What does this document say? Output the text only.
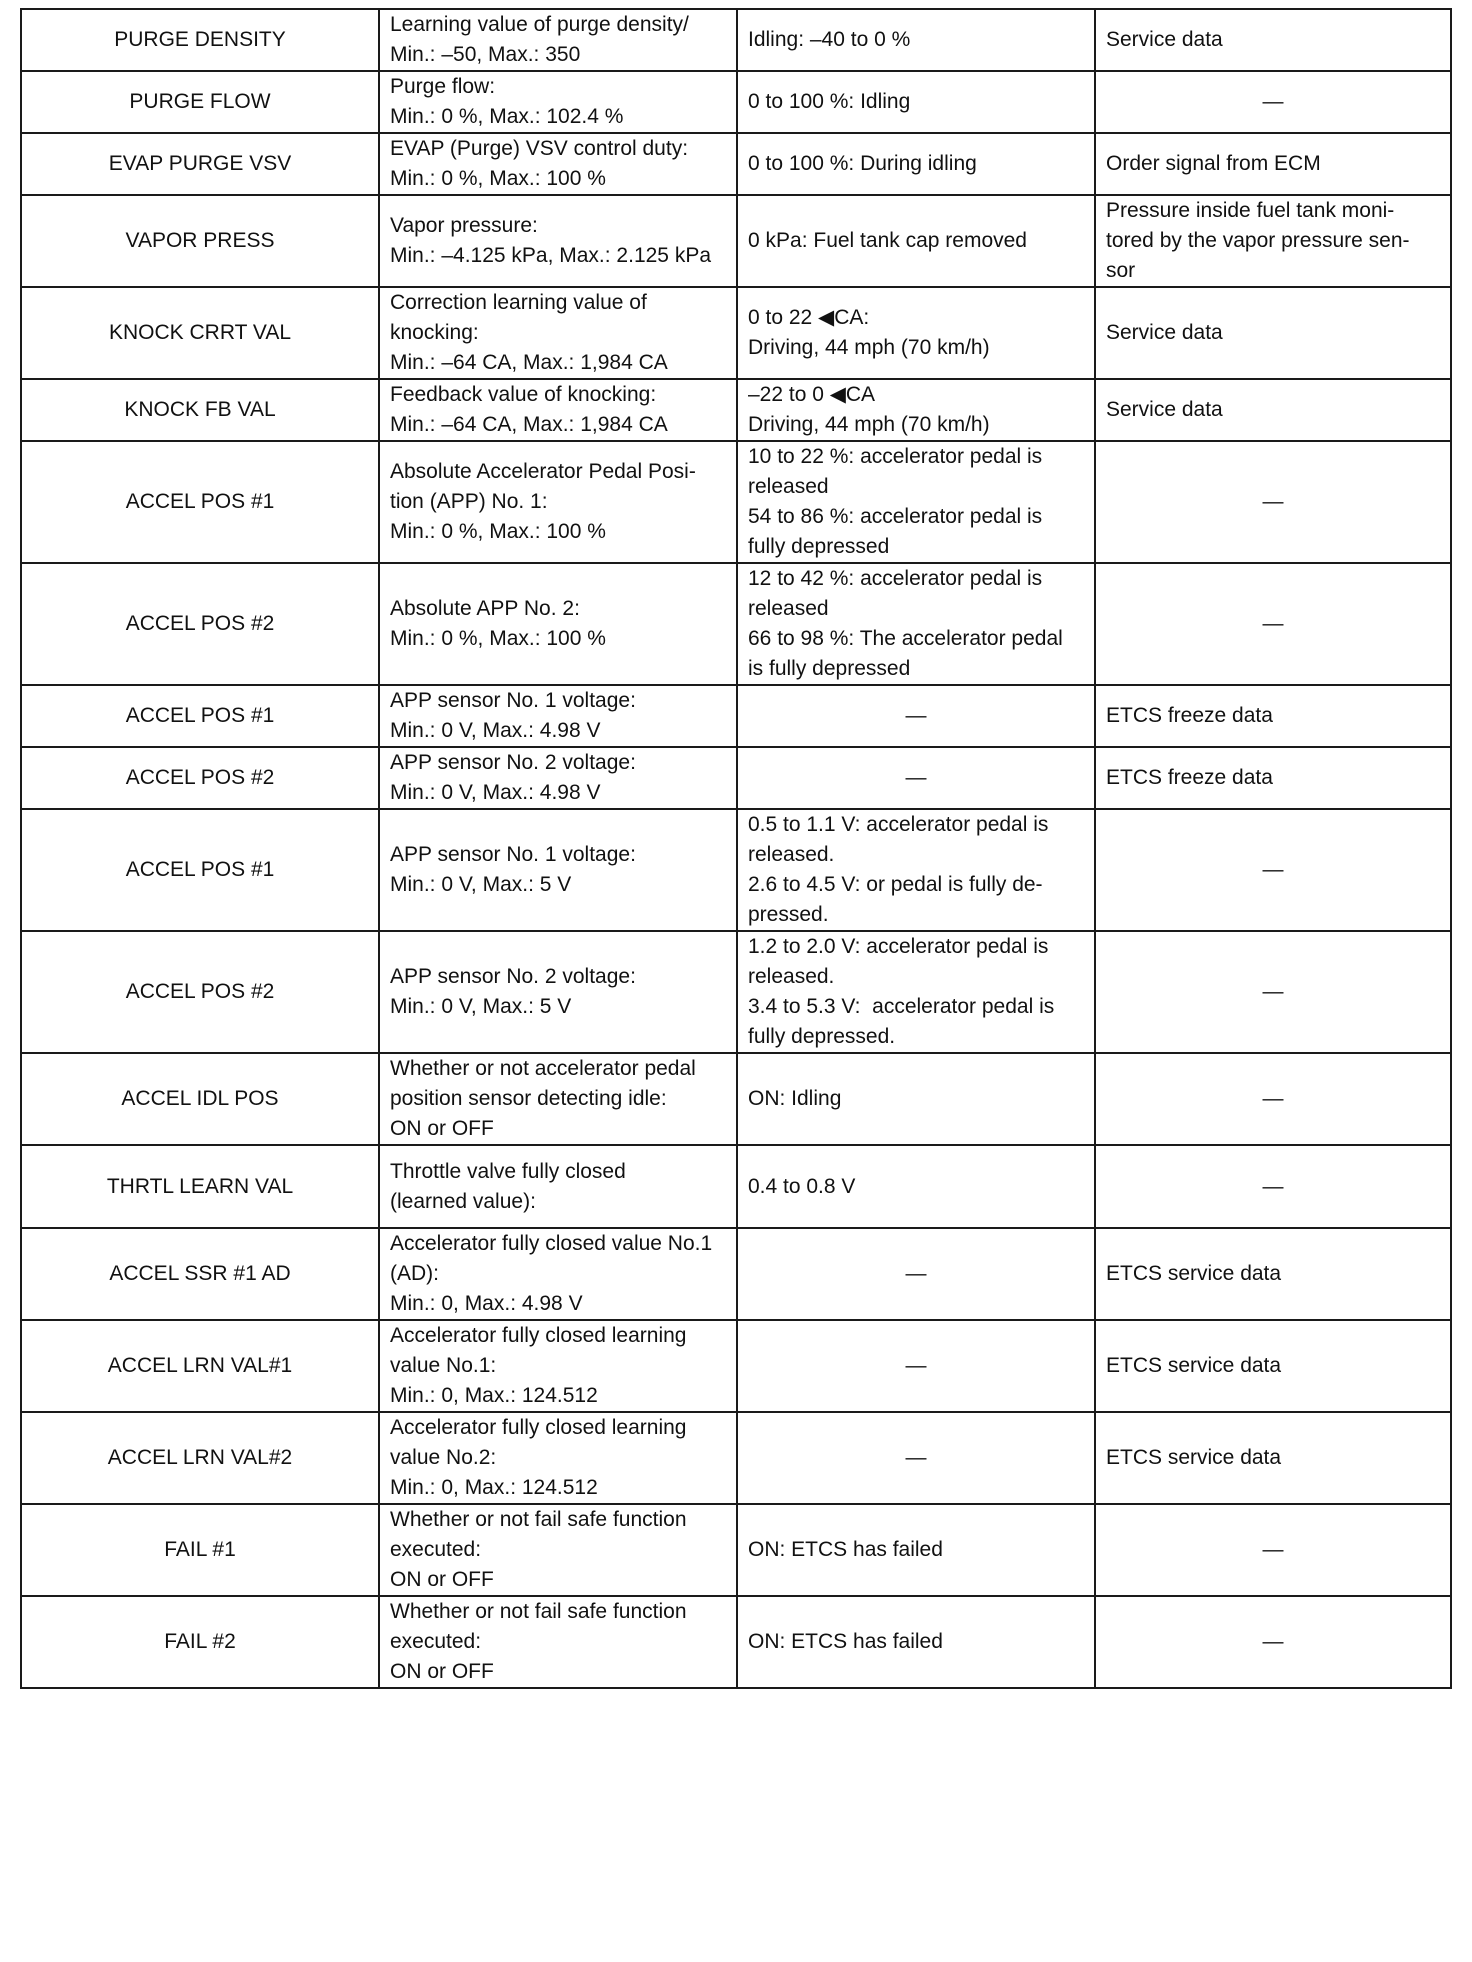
PURGE DENSITY	Learning value of purge density/
Min.: –50, Max.: 350	Idling: –40 to 0 %	Service data

PURGE FLOW	Purge flow:
Min.: 0 %, Max.: 102.4 %	0 to 100 %: Idling	—

EVAP PURGE VSV	EVAP (Purge) VSV control duty:
Min.: 0 %, Max.: 100 %	0 to 100 %: During idling	Order signal from ECM

VAPOR PRESS	Vapor pressure:
Min.: –4.125 kPa, Max.: 2.125 kPa	0 kPa: Fuel tank cap removed	Pressure inside fuel tank moni-
tored by the vapor pressure sen-
sor

KNOCK CRRT VAL	Correction learning value of
knocking:
Min.: –64 CA, Max.: 1,984 CA	0 to 22 ◀CA:
Driving, 44 mph (70 km/h)	Service data

KNOCK FB VAL	Feedback value of knocking:
Min.: –64 CA, Max.: 1,984 CA	–22 to 0 ◀CA
Driving, 44 mph (70 km/h)	Service data

ACCEL POS #1	Absolute Accelerator Pedal Posi-
tion (APP) No. 1:
Min.: 0 %, Max.: 100 %	10 to 22 %: accelerator pedal is
released
54 to 86 %: accelerator pedal is
fully depressed	—

ACCEL POS #2	Absolute APP No. 2:
Min.: 0 %, Max.: 100 %	12 to 42 %: accelerator pedal is
released
66 to 98 %: The accelerator pedal
is fully depressed	—

ACCEL POS #1	APP sensor No. 1 voltage:
Min.: 0 V, Max.: 4.98 V	—	ETCS freeze data

ACCEL POS #2	APP sensor No. 2 voltage:
Min.: 0 V, Max.: 4.98 V	—	ETCS freeze data

ACCEL POS #1	APP sensor No. 1 voltage:
Min.: 0 V, Max.: 5 V	0.5 to 1.1 V: accelerator pedal is
released.
2.6 to 4.5 V: or pedal is fully de-
pressed.	—

ACCEL POS #2	APP sensor No. 2 voltage:
Min.: 0 V, Max.: 5 V	1.2 to 2.0 V: accelerator pedal is
released.
3.4 to 5.3 V:  accelerator pedal is
fully depressed.	—

ACCEL IDL POS	Whether or not accelerator pedal
position sensor detecting idle:
ON or OFF	ON: Idling	—

THRTL LEARN VAL	Throttle valve fully closed
(learned value):	0.4 to 0.8 V	—

ACCEL SSR #1 AD	Accelerator fully closed value No.1
(AD):
Min.: 0, Max.: 4.98 V	—	ETCS service data

ACCEL LRN VAL#1	Accelerator fully closed learning
value No.1:
Min.: 0, Max.: 124.512	—	ETCS service data

ACCEL LRN VAL#2	Accelerator fully closed learning
value No.2:
Min.: 0, Max.: 124.512	—	ETCS service data

FAIL #1	Whether or not fail safe function
executed:
ON or OFF	ON: ETCS has failed	—

FAIL #2	Whether or not fail safe function
executed:
ON or OFF	ON: ETCS has failed	—
